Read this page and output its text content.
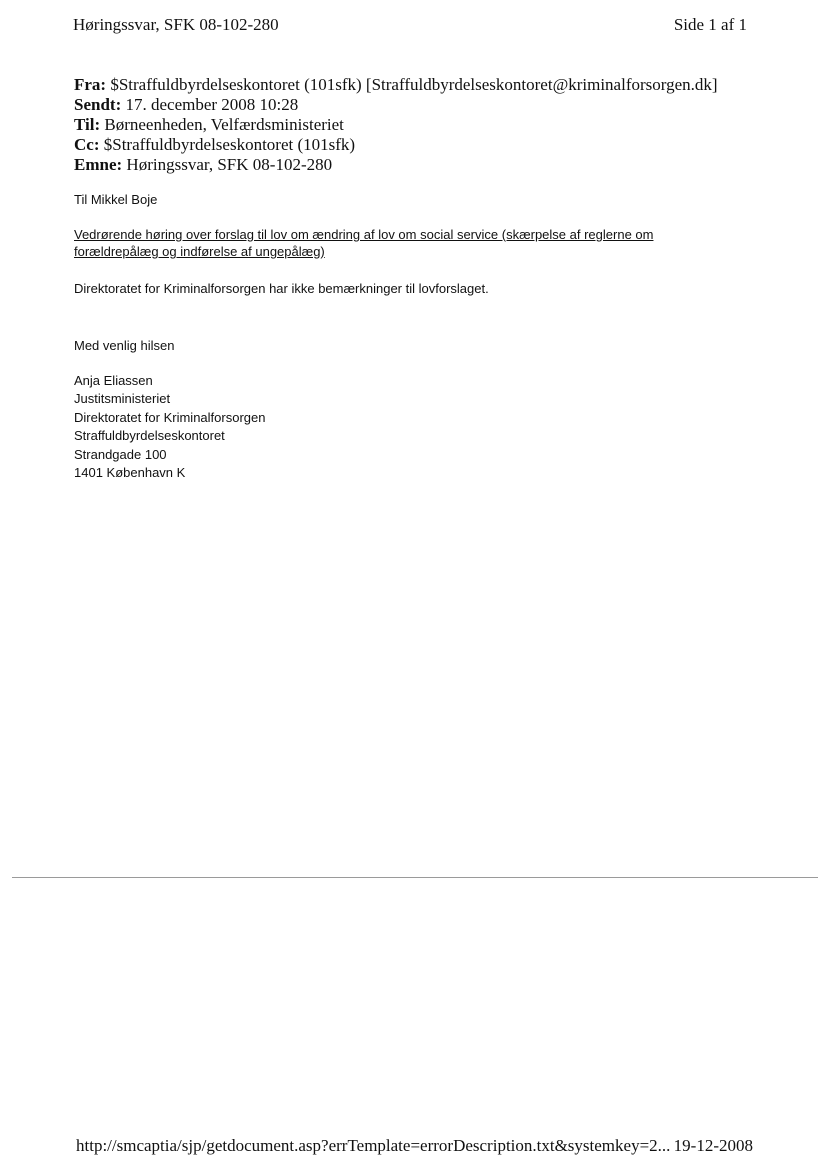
Høringssvar, SFK 08-102-280	Side 1 af 1
Fra: $Straffuldbyrdelseskontoret (101sfk) [Straffuldbyrdelseskontoret@kriminalforsorgen.dk]
Sendt: 17. december 2008 10:28
Til: Børneenheden, Velfærdsministeriet
Cc: $Straffuldbyrdelseskontoret (101sfk)
Emne: Høringssvar, SFK 08-102-280
Til Mikkel Boje
Vedrørende høring over forslag til lov om ændring af lov om social service (skærpelse af reglerne om forældrepålæg og indførelse af ungepålæg)
Direktoratet for Kriminalforsorgen har ikke bemærkninger til lovforslaget.
Med venlig hilsen
Anja Eliassen
Justitsministeriet
Direktoratet for Kriminalforsorgen
Straffuldbyrdelseskontoret
Strandgade 100
1401 København K
http://smcaptia/sjp/getdocument.asp?errTemplate=errorDescription.txt&systemkey=2... 19-12-2008
